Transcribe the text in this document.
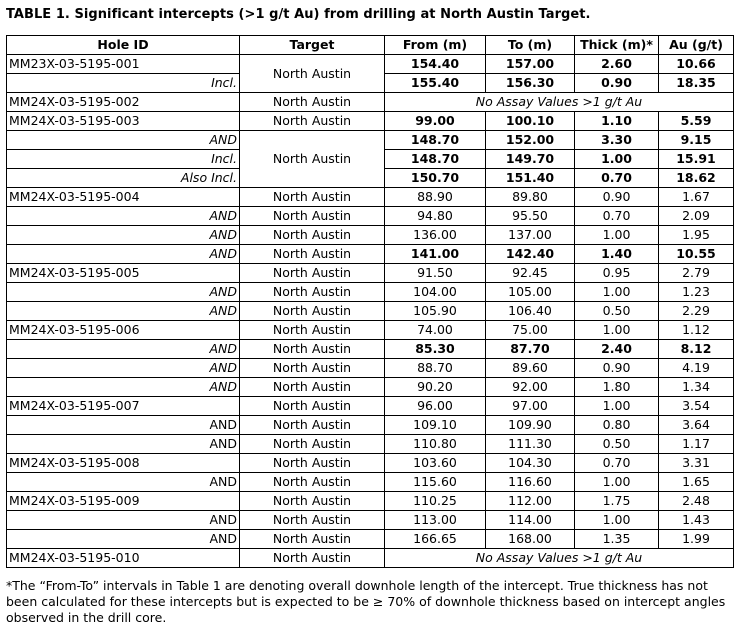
TABLE 1. Significant intercepts (>1 g/t Au) from drilling at North Austin Target.
Hole ID	Target	From (m)	To (m)	Thick (m)*	Au (g/t)
MM23X-03-5195-001	North Austin	154.40	157.00	2.60	10.66
Incl.		155.40	156.30	0.90	18.35
MM24X-03-5195-002	North Austin	No Assay Values >1 g/t Au			
MM24X-03-5195-003	North Austin	99.00	100.10	1.10	5.59
AND	North Austin	148.70	152.00	3.30	9.15
Incl.		148.70	149.70	1.00	15.91
Also Incl.		150.70	151.40	0.70	18.62
MM24X-03-5195-004	North Austin	88.90	89.80	0.90	1.67
AND	North Austin	94.80	95.50	0.70	2.09
AND	North Austin	136.00	137.00	1.00	1.95
AND	North Austin	141.00	142.40	1.40	10.55
MM24X-03-5195-005	North Austin	91.50	92.45	0.95	2.79
AND	North Austin	104.00	105.00	1.00	1.23
AND	North Austin	105.90	106.40	0.50	2.29
MM24X-03-5195-006	North Austin	74.00	75.00	1.00	1.12
AND	North Austin	85.30	87.70	2.40	8.12
AND	North Austin	88.70	89.60	0.90	4.19
AND	North Austin	90.20	92.00	1.80	1.34
MM24X-03-5195-007	North Austin	96.00	97.00	1.00	3.54
AND	North Austin	109.10	109.90	0.80	3.64
AND	North Austin	110.80	111.30	0.50	1.17
MM24X-03-5195-008	North Austin	103.60	104.30	0.70	3.31
AND	North Austin	115.60	116.60	1.00	1.65
MM24X-03-5195-009	North Austin	110.25	112.00	1.75	2.48
AND	North Austin	113.00	114.00	1.00	1.43
AND	North Austin	166.65	168.00	1.35	1.99
MM24X-03-5195-010	North Austin	No Assay Values >1 g/t Au			
*The “From-To” intervals in Table 1 are denoting overall downhole length of the intercept. True thickness has not been calculated for these intercepts but is expected to be ≥ 70% of downhole thickness based on intercept angles observed in the drill core.
